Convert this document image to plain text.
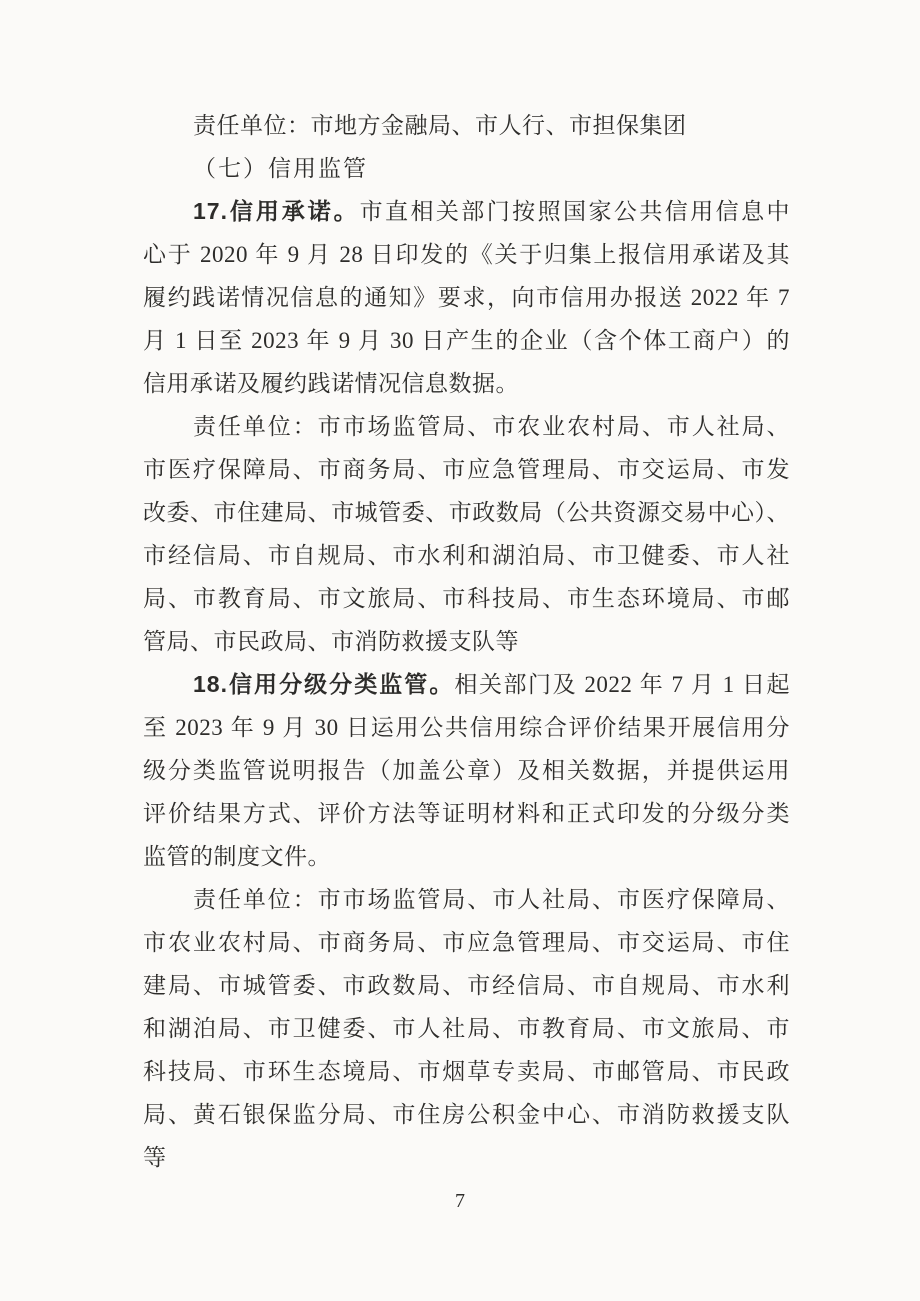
责任单位：市地方金融局、市人行、市担保集团
（七）信用监管
17.信用承诺。市直相关部门按照国家公共信用信息中
心于 2020 年 9 月 28 日印发的《关于归集上报信用承诺及其
履约践诺情况信息的通知》要求，向市信用办报送 2022 年 7
月 1 日至 2023 年 9 月 30 日产生的企业（含个体工商户）的
信用承诺及履约践诺情况信息数据。
责任单位：市市场监管局、市农业农村局、市人社局、
市医疗保障局、市商务局、市应急管理局、市交运局、市发
改委、市住建局、市城管委、市政数局（公共资源交易中心）、
市经信局、市自规局、市水利和湖泊局、市卫健委、市人社
局、市教育局、市文旅局、市科技局、市生态环境局、市邮
管局、市民政局、市消防救援支队等
18.信用分级分类监管。相关部门及 2022 年 7 月 1 日起
至 2023 年 9 月 30 日运用公共信用综合评价结果开展信用分
级分类监管说明报告（加盖公章）及相关数据，并提供运用
评价结果方式、评价方法等证明材料和正式印发的分级分类
监管的制度文件。
责任单位：市市场监管局、市人社局、市医疗保障局、
市农业农村局、市商务局、市应急管理局、市交运局、市住
建局、市城管委、市政数局、市经信局、市自规局、市水利
和湖泊局、市卫健委、市人社局、市教育局、市文旅局、市
科技局、市环生态境局、市烟草专卖局、市邮管局、市民政
局、黄石银保监分局、市住房公积金中心、市消防救援支队
等
7
